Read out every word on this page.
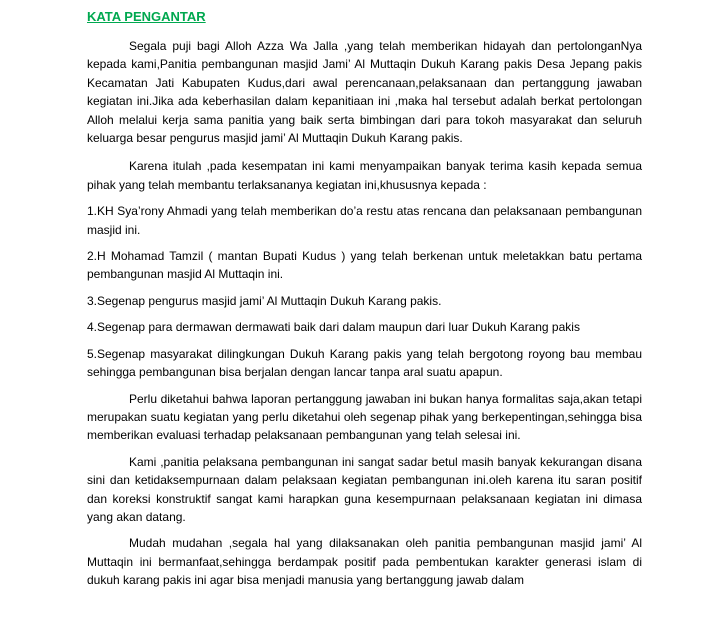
KATA PENGANTAR

Segala puji bagi Alloh Azza Wa Jalla ,yang telah memberikan hidayah dan pertolonganNya kepada kami,Panitia pembangunan masjid Jami’ Al Muttaqin Dukuh Karang pakis Desa Jepang pakis Kecamatan Jati Kabupaten Kudus,dari awal perencanaan,pelaksanaan dan pertanggung jawaban kegiatan ini.Jika ada keberhasilan dalam kepanitiaan ini ,maka hal tersebut adalah berkat pertolongan Alloh melalui kerja sama panitia yang baik serta bimbingan dari para tokoh masyarakat dan seluruh keluarga besar pengurus masjid jami’ Al Muttaqin Dukuh Karang pakis.

Karena itulah ,pada kesempatan ini kami menyampaikan banyak terima kasih kepada semua pihak yang telah membantu terlaksananya kegiatan ini,khususnya kepada :

1.KH Sya’rony Ahmadi yang telah memberikan do’a restu atas rencana dan pelaksanaan pembangunan masjid ini.

2.H Mohamad Tamzil ( mantan Bupati Kudus ) yang telah berkenan untuk meletakkan batu pertama pembangunan masjid Al Muttaqin ini.

3.Segenap pengurus masjid jami’ Al Muttaqin Dukuh Karang pakis.

4.Segenap para dermawan dermawati baik dari dalam maupun dari luar Dukuh Karang pakis

5.Segenap masyarakat dilingkungan Dukuh Karang pakis yang telah bergotong royong bau membau sehingga pembangunan bisa berjalan dengan lancar tanpa aral suatu apapun.

Perlu diketahui bahwa laporan pertanggung jawaban ini bukan hanya formalitas saja,akan tetapi merupakan suatu kegiatan yang perlu diketahui oleh segenap pihak yang berkepentingan,sehingga bisa memberikan evaluasi terhadap pelaksanaan pembangunan yang telah selesai ini.

Kami ,panitia pelaksana pembangunan ini sangat sadar betul masih banyak kekurangan disana sini dan ketidaksempurnaan dalam pelaksaan kegiatan pembangunan ini.oleh karena itu saran positif dan koreksi konstruktif sangat kami harapkan guna kesempurnaan pelaksanaan kegiatan ini dimasa yang akan datang.

Mudah mudahan ,segala hal yang dilaksanakan oleh panitia pembangunan masjid jami’ Al Muttaqin ini bermanfaat,sehingga berdampak positif pada pembentukan karakter generasi islam di dukuh karang pakis ini agar bisa menjadi manusia yang bertanggung jawab dalam
